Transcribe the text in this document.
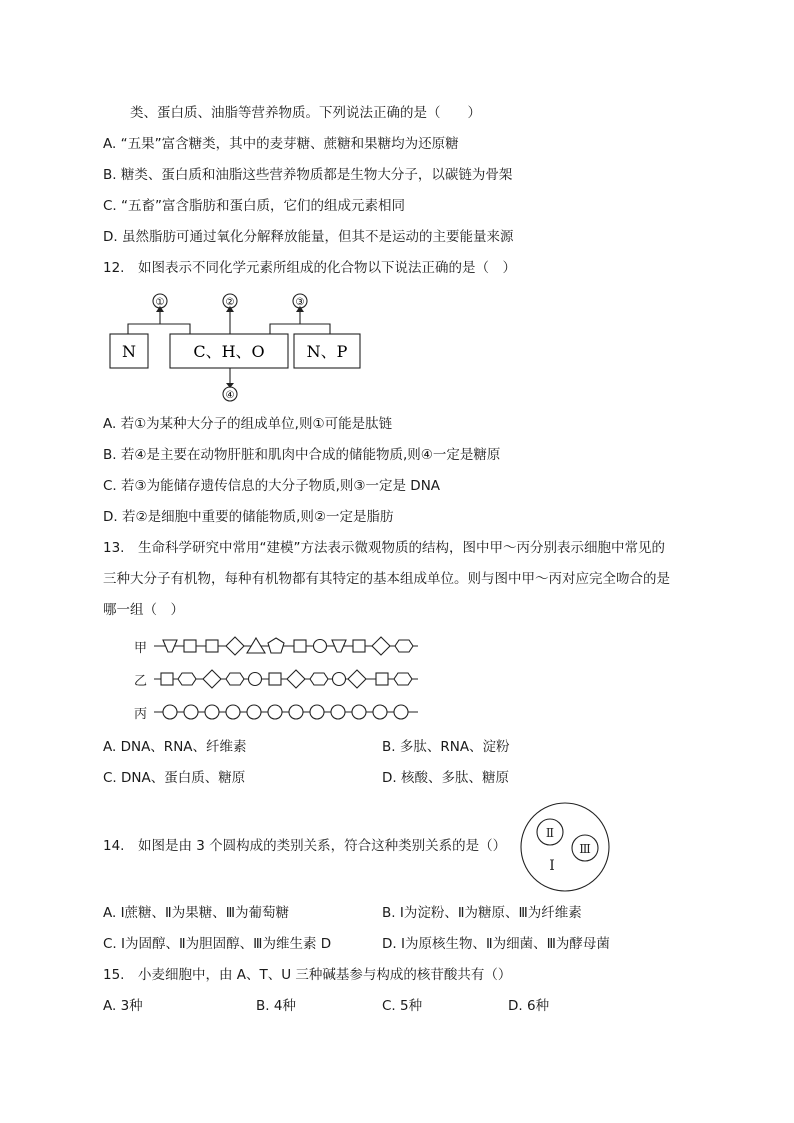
类、蛋白质、油脂等营养物质。下列说法正确的是（　　）
A. “五果”富含糖类，其中的麦芽糖、蔗糖和果糖均为还原糖
B. 糖类、蛋白质和油脂这些营养物质都是生物大分子，以碳链为骨架
C. “五畜”富含脂肪和蛋白质，它们的组成元素相同
D. 虽然脂肪可通过氧化分解释放能量，但其不是运动的主要能量来源
12.　如图表示不同化学元素所组成的化合物以下说法正确的是（　）
N	C、H、O	N、P
①	②	③
④
A. 若①为某种大分子的组成单位,则①可能是肽链
B. 若④是主要在动物肝脏和肌肉中合成的储能物质,则④一定是糖原
C. 若③为能储存遗传信息的大分子物质,则③一定是 DNA
D. 若②是细胞中重要的储能物质,则②一定是脂肪
13.　生命科学研究中常用“建模”方法表示微观物质的结构，图中甲～丙分别表示细胞中常见的
三种大分子有机物，每种有机物都有其特定的基本组成单位。则与图中甲～丙对应完全吻合的是
哪一组（　）
甲
乙
丙
A. DNA、RNA、纤维素	B. 多肽、RNA、淀粉
C. DNA、蛋白质、糖原	D. 核酸、多肽、糖原
14.　如图是由 3 个圆构成的类别关系，符合这种类别关系的是（）
Ⅰ
Ⅱ
Ⅲ
A. Ⅰ蔗糖、Ⅱ为果糖、Ⅲ为葡萄糖	B. Ⅰ为淀粉、Ⅱ为糖原、Ⅲ为纤维素
C. Ⅰ为固醇、Ⅱ为胆固醇、Ⅲ为维生素 D	D. Ⅰ为原核生物、Ⅱ为细菌、Ⅲ为酵母菌
15.　小麦细胞中，由 A、T、U 三种碱基参与构成的核苷酸共有（）
A. 3种	B. 4种	C. 5种	D. 6种
